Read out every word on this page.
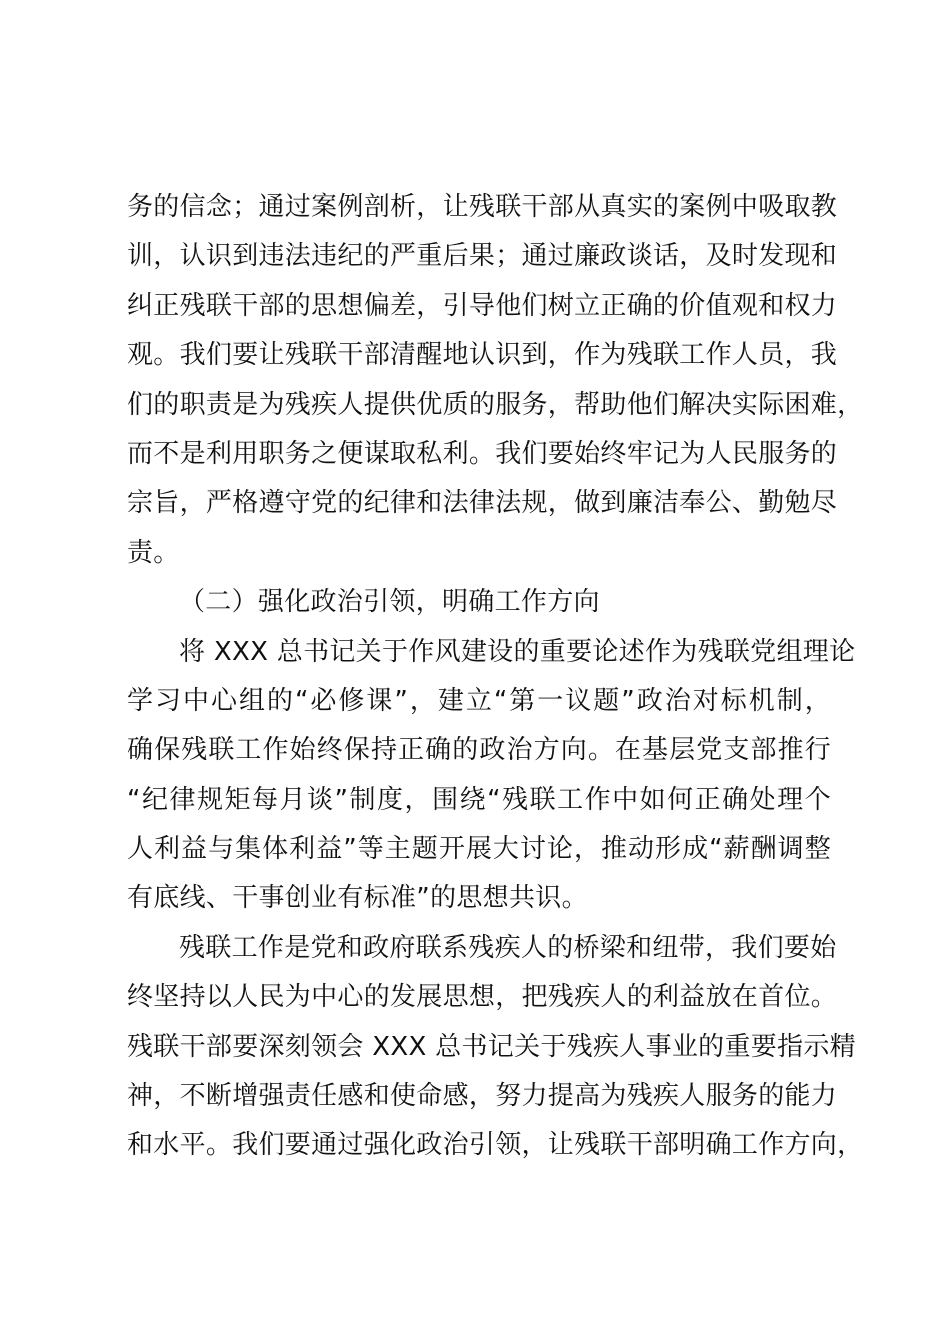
务的信念；通过案例剖析，让残联干部从真实的案例中吸取教
训，认识到违法违纪的严重后果；通过廉政谈话，及时发现和
纠正残联干部的思想偏差，引导他们树立正确的价值观和权力
观。我们要让残联干部清醒地认识到，作为残联工作人员，我
们的职责是为残疾人提供优质的服务，帮助他们解决实际困难，
而不是利用职务之便谋取私利。我们要始终牢记为人民服务的
宗旨，严格遵守党的纪律和法律法规，做到廉洁奉公、勤勉尽
责。
（二）强化政治引领，明确工作方向
将 XXX 总书记关于作风建设的重要论述作为残联党组理论
学习中心组的“必修课”，建立“第一议题”政治对标机制，
确保残联工作始终保持正确的政治方向。在基层党支部推行
“纪律规矩每月谈”制度，围绕“残联工作中如何正确处理个
人利益与集体利益”等主题开展大讨论，推动形成“薪酬调整
有底线、干事创业有标准”的思想共识。
残联工作是党和政府联系残疾人的桥梁和纽带，我们要始
终坚持以人民为中心的发展思想，把残疾人的利益放在首位。
残联干部要深刻领会 XXX 总书记关于残疾人事业的重要指示精
神，不断增强责任感和使命感，努力提高为残疾人服务的能力
和水平。我们要通过强化政治引领，让残联干部明确工作方向，
